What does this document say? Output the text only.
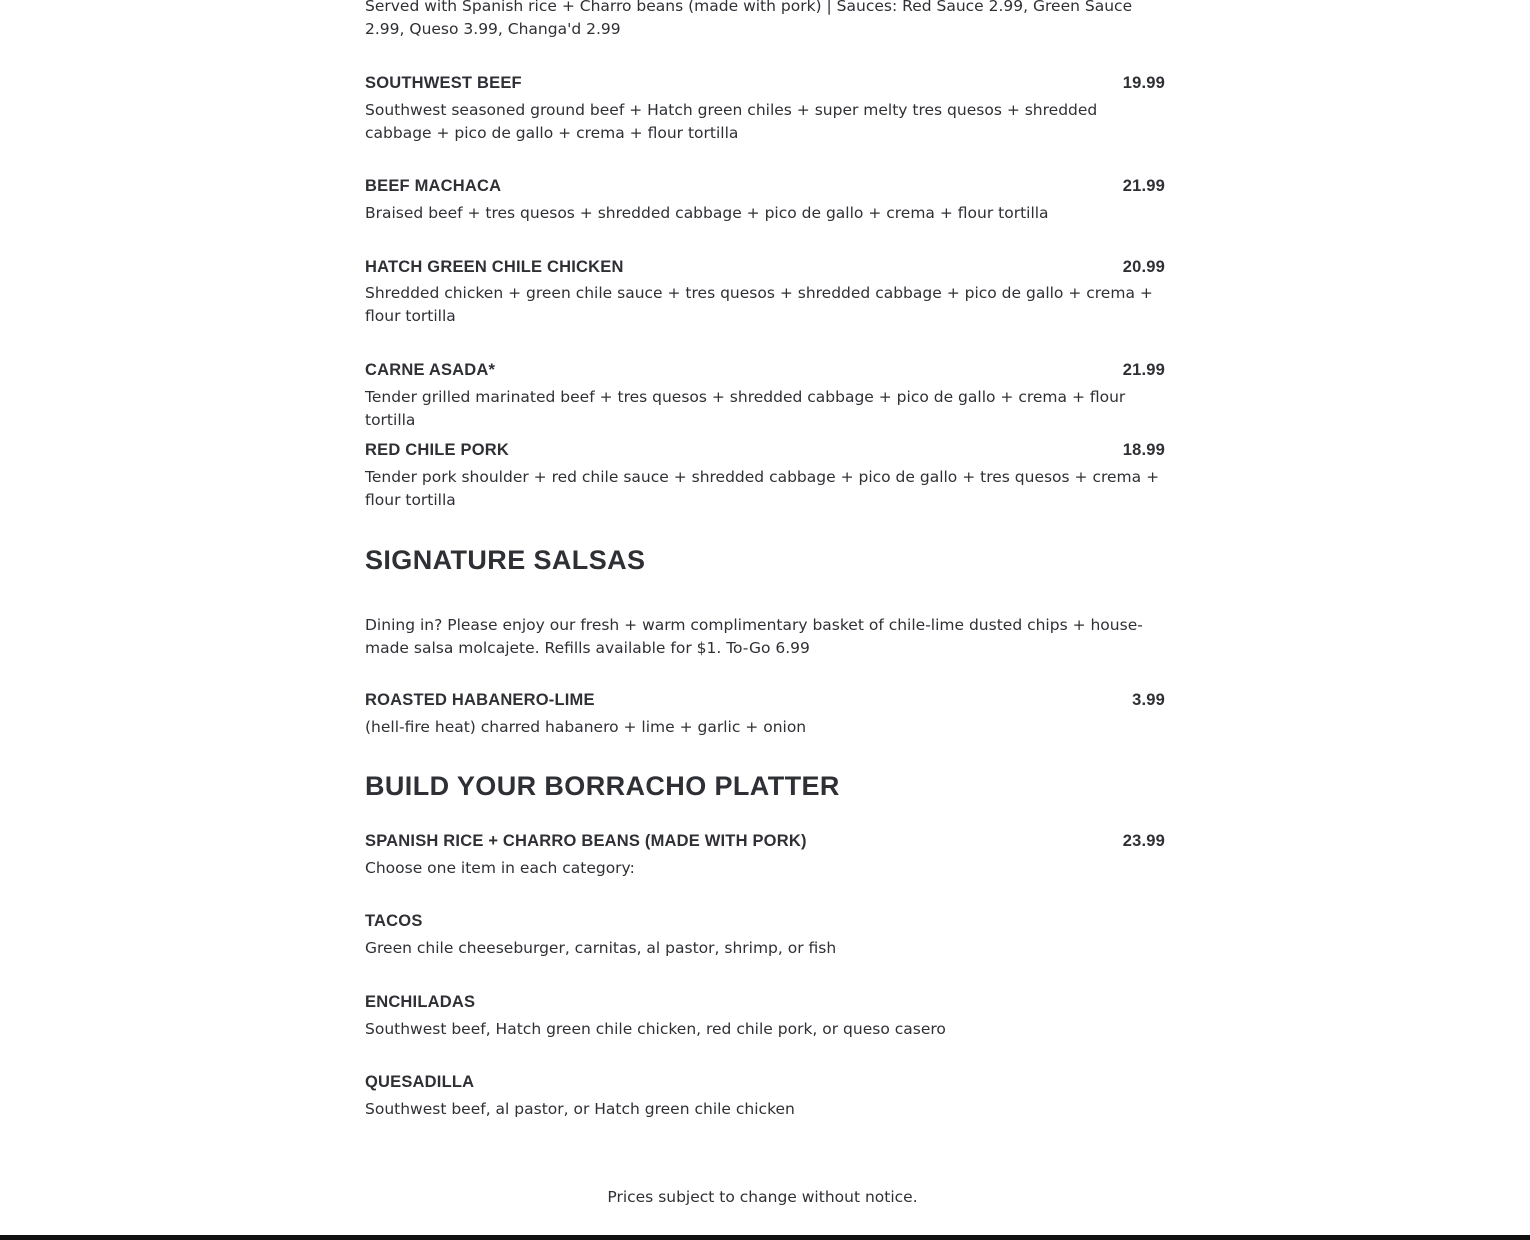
Served with Spanish rice + Charro beans (made with pork) | Sauces: Red Sauce 2.99, Green Sauce 2.99, Queso 3.99, Changa'd 2.99

SOUTHWEST BEEF	19.99
Southwest seasoned ground beef + Hatch green chiles + super melty tres quesos + shredded cabbage + pico de gallo + crema + flour tortilla
BEEF MACHACA	21.99
Braised beef + tres quesos + shredded cabbage + pico de gallo + crema + flour tortilla
HATCH GREEN CHILE CHICKEN	20.99
Shredded chicken + green chile sauce + tres quesos + shredded cabbage + pico de gallo + crema + flour tortilla
CARNE ASADA*	21.99
Tender grilled marinated beef + tres quesos + shredded cabbage + pico de gallo + crema + flour tortilla
RED CHILE PORK	18.99
Tender pork shoulder + red chile sauce + shredded cabbage + pico de gallo + tres quesos + crema + flour tortilla
SIGNATURE SALSAS

Dining in? Please enjoy our fresh + warm complimentary basket of chile-lime dusted chips + house-made salsa molcajete. Refills available for $1. To-Go 6.99

ROASTED HABANERO-LIME	3.99
(hell-fire heat) charred habanero + lime + garlic + onion
BUILD YOUR BORRACHO PLATTER
SPANISH RICE + CHARRO BEANS (MADE WITH PORK)	23.99
Choose one item in each category:
TACOS
Green chile cheeseburger, carnitas, al pastor, shrimp, or fish
ENCHILADAS
Southwest beef, Hatch green chile chicken, red chile pork, or queso casero
QUESADILLA
Southwest beef, al pastor, or Hatch green chile chicken
Prices subject to change without notice.
